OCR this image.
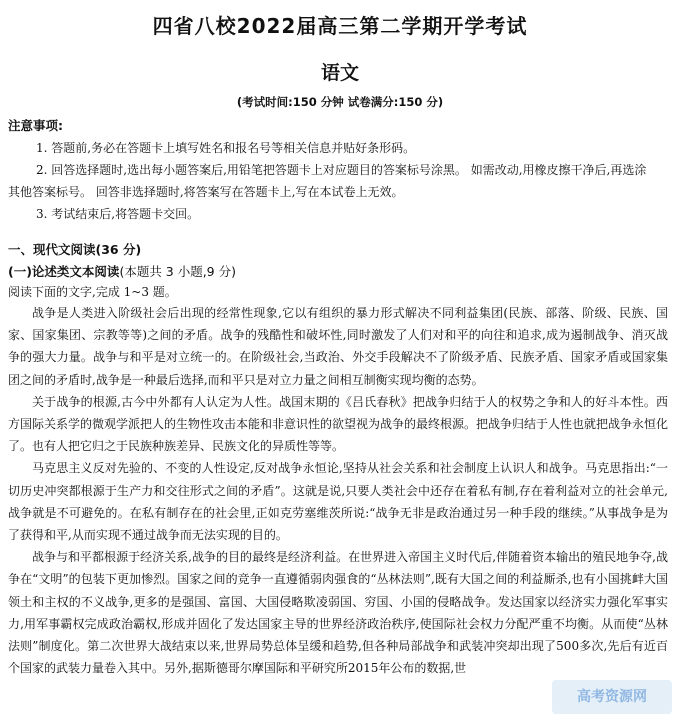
四省八校2022届高三第二学期开学考试
语文
(考试时间:150 分钟 试卷满分:150 分)
注意事项:

1. 答题前,务必在答题卡上填写姓名和报名号等相关信息并贴好条形码。

2. 回答选择题时,选出每小题答案后,用铅笔把答题卡上对应题目的答案标号涂黑。 如需改动,用橡皮擦干净后,再选涂其他答案标号。 回答非选择题时,将答案写在答题卡上,写在本试卷上无效。

3. 考试结束后,将答题卡交回。

一、现代文阅读(36 分)
(一)论述类文本阅读(本题共 3 小题,9 分)
阅读下面的文字,完成 1~3 题。

战争是人类进入阶级社会后出现的经常性现象,它以有组织的暴力形式解决不同利益集团(民族、部落、阶级、民族、国家、国家集团、宗教等等)之间的矛盾。战争的残酷性和破坏性,同时激发了人们对和平的向往和追求,成为遏制战争、消灭战争的强大力量。战争与和平是对立统一的。在阶级社会,当政治、外交手段解决不了阶级矛盾、民族矛盾、国家矛盾或国家集团之间的矛盾时,战争是一种最后选择,而和平只是对立力量之间相互制衡实现均衡的态势。

关于战争的根源,古今中外都有人认定为人性。战国末期的《吕氏春秋》把战争归结于人的权势之争和人的好斗本性。西方国际关系学的微观学派把人的生物性攻击本能和非意识性的欲望视为战争的最终根源。把战争归结于人性也就把战争永恒化了。也有人把它归之于民族种族差异、民族文化的异质性等等。

马克思主义反对先验的、不变的人性设定,反对战争永恒论,坚持从社会关系和社会制度上认识人和战争。马克思指出:“一切历史冲突都根源于生产力和交往形式之间的矛盾”。这就是说,只要人类社会中还存在着私有制,存在着利益对立的社会单元,战争就是不可避免的。在私有制存在的社会里,正如克劳塞维茨所说:“战争无非是政治通过另一种手段的继续。”从事战争是为了获得和平,从而实现不通过战争而无法实现的目的。

战争与和平都根源于经济关系,战争的目的最终是经济利益。在世界进入帝国主义时代后,伴随着资本输出的殖民地争夺,战争在“文明”的包装下更加惨烈。国家之间的竞争一直遵循弱肉强食的“丛林法则”,既有大国之间的利益厮杀,也有小国挑衅大国领土和主权的不义战争,更多的是强国、富国、大国侵略欺凌弱国、穷国、小国的侵略战争。发达国家以经济实力强化军事实力,用军事霸权完成政治霸权,形成并固化了发达国家主导的世界经济政治秩序,使国际社会权力分配严重不均衡。从而使“丛林法则”制度化。第二次世界大战结束以来,世界局势总体呈缓和趋势,但各种局部战争和武装冲突却出现了500多次,先后有近百个国家的武装力量卷入其中。另外,据斯德哥尔摩国际和平研究所2015年公布的数据,世

高考资源网
